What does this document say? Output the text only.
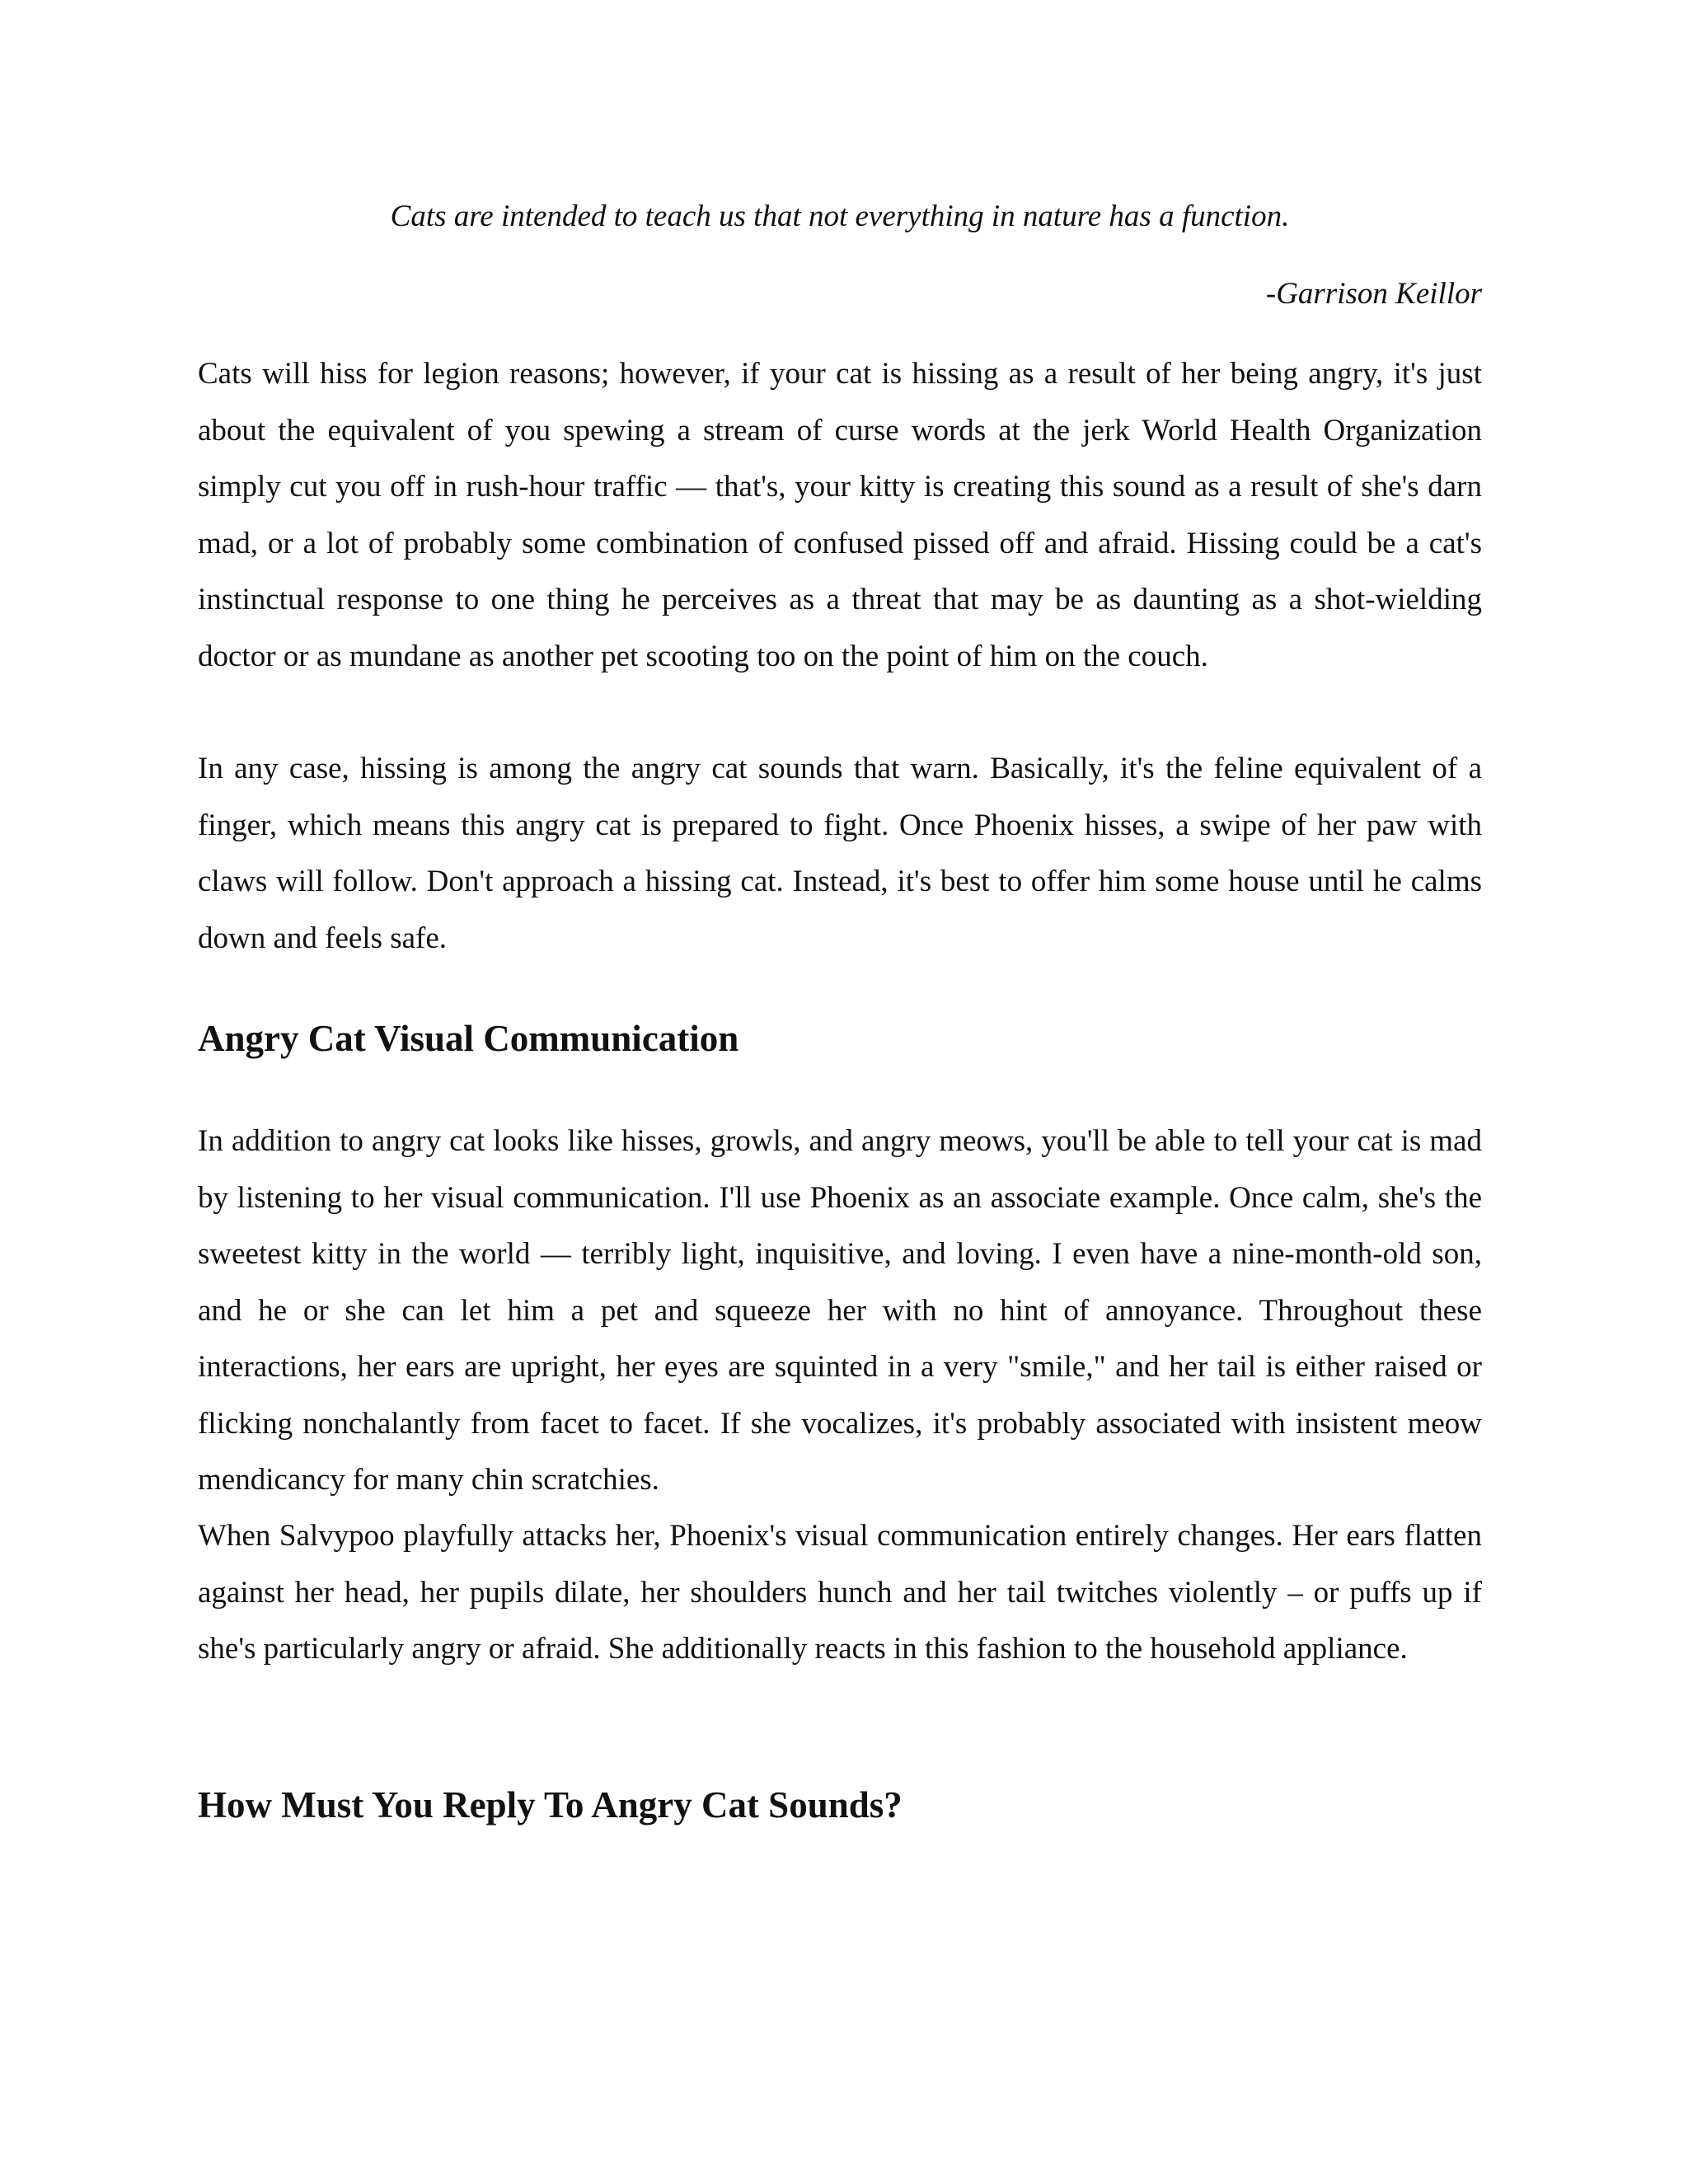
Cats are intended to teach us that not everything in nature has a function.

-Garrison Keillor

Cats will hiss for legion reasons; however, if your cat is hissing as a result of her being angry, it's just about the equivalent of you spewing a stream of curse words at the jerk World Health Organization simply cut you off in rush-hour traffic — that's, your kitty is creating this sound as a result of she's darn mad, or a lot of probably some combination of confused pissed off and afraid. Hissing could be a cat's instinctual response to one thing he perceives as a threat that may be as daunting as a shot-wielding doctor or as mundane as another pet scooting too on the point of him on the couch.

In any case, hissing is among the angry cat sounds that warn. Basically, it's the feline equivalent of a finger, which means this angry cat is prepared to fight. Once Phoenix hisses, a swipe of her paw with claws will follow. Don't approach a hissing cat. Instead, it's best to offer him some house until he calms down and feels safe.

Angry Cat Visual Communication

In addition to angry cat looks like hisses, growls, and angry meows, you'll be able to tell your cat is mad by listening to her visual communication. I'll use Phoenix as an associate example. Once calm, she's the sweetest kitty in the world — terribly light, inquisitive, and loving. I even have a nine-month-old son, and he or she can let him a pet and squeeze her with no hint of annoyance. Throughout these interactions, her ears are upright, her eyes are squinted in a very "smile," and her tail is either raised or flicking nonchalantly from facet to facet. If she vocalizes, it's probably associated with insistent meow mendicancy for many chin scratchies.

When Salvypoo playfully attacks her, Phoenix's visual communication entirely changes. Her ears flatten against her head, her pupils dilate, her shoulders hunch and her tail twitches violently – or puffs up if she's particularly angry or afraid. She additionally reacts in this fashion to the household appliance.

How Must You Reply To Angry Cat Sounds?
